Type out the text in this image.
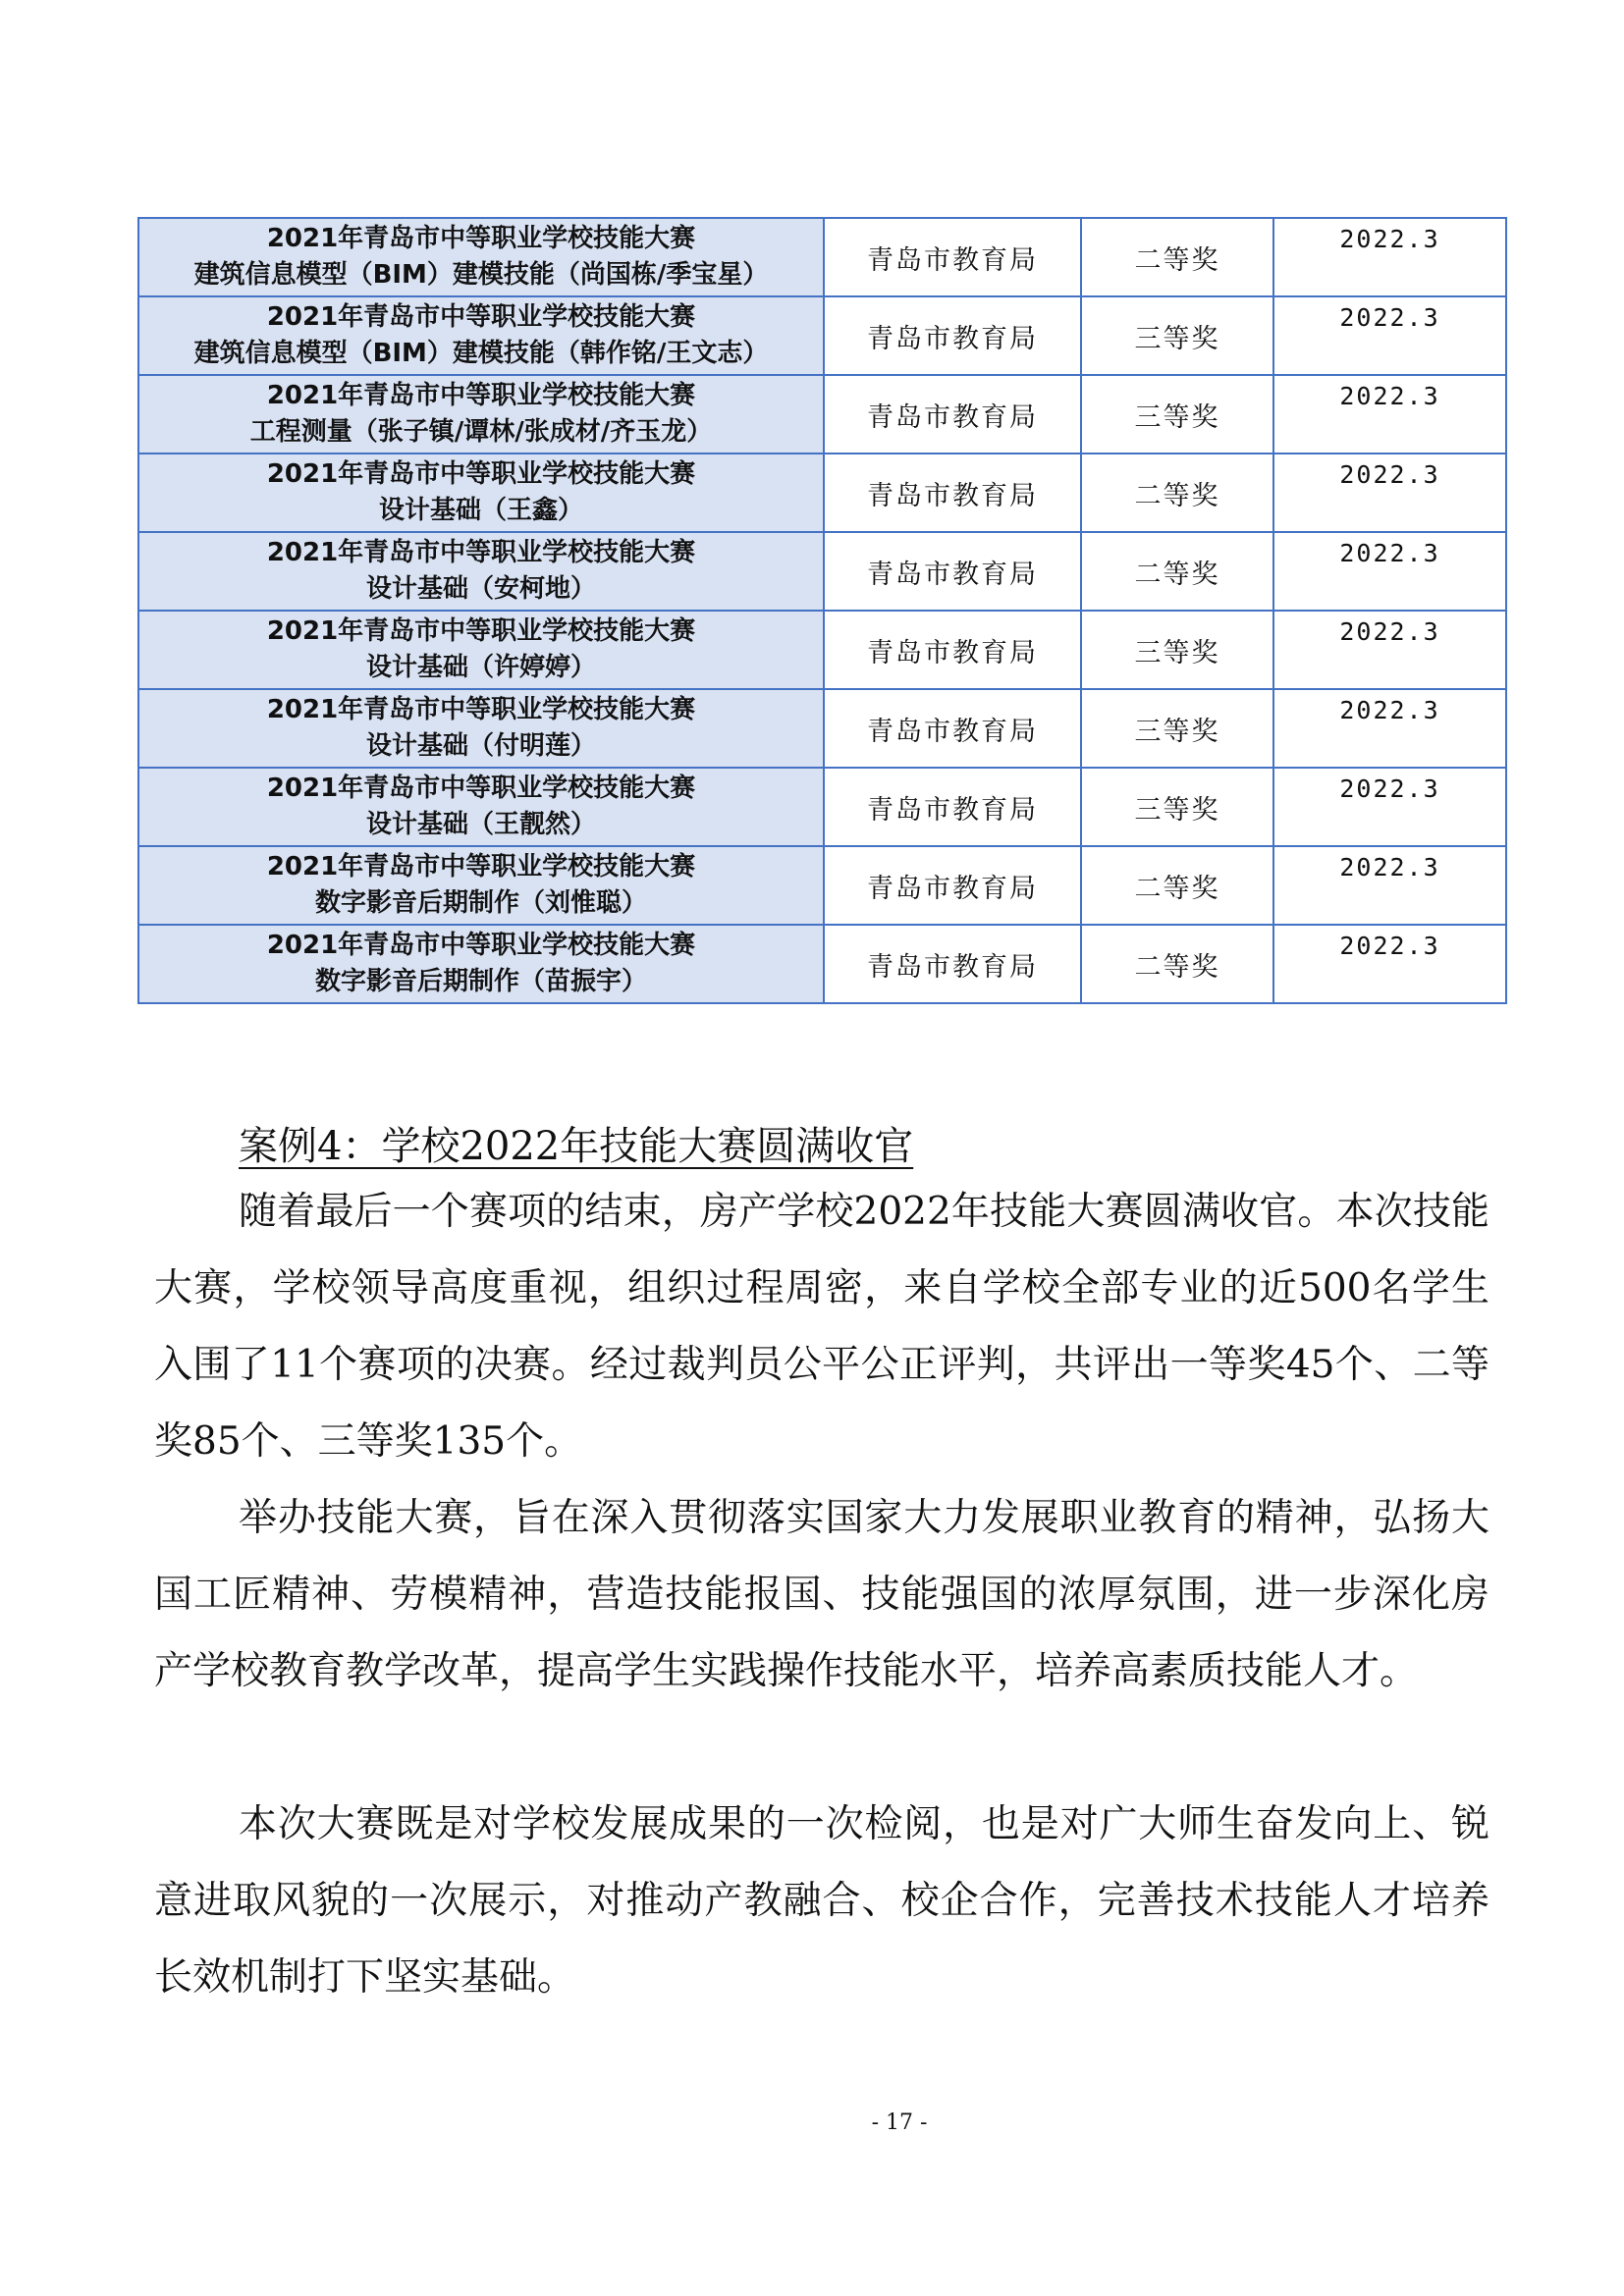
2021年青岛市中等职业学校技能大赛
建筑信息模型（BIM）建模技能（尚国栋/季宝星）	青岛市教育局	二等奖	2022.3

2021年青岛市中等职业学校技能大赛
建筑信息模型（BIM）建模技能（韩作铭/王文志）	青岛市教育局	三等奖	2022.3

2021年青岛市中等职业学校技能大赛
工程测量（张子镇/谭林/张成材/齐玉龙）	青岛市教育局	三等奖	2022.3

2021年青岛市中等职业学校技能大赛
设计基础（王鑫）	青岛市教育局	二等奖	2022.3

2021年青岛市中等职业学校技能大赛
设计基础（安柯地）	青岛市教育局	二等奖	2022.3

2021年青岛市中等职业学校技能大赛
设计基础（许婷婷）	青岛市教育局	三等奖	2022.3

2021年青岛市中等职业学校技能大赛
设计基础（付明莲）	青岛市教育局	三等奖	2022.3

2021年青岛市中等职业学校技能大赛
设计基础（王靓然）	青岛市教育局	三等奖	2022.3

2021年青岛市中等职业学校技能大赛
数字影音后期制作（刘惟聪）	青岛市教育局	二等奖	2022.3

2021年青岛市中等职业学校技能大赛
数字影音后期制作（苗振宇）	青岛市教育局	二等奖	2022.3
案例4：学校2022年技能大赛圆满收官

随着最后一个赛项的结束，房产学校2022年技能大赛圆满收官。本次技能大赛，学校领导高度重视，组织过程周密，来自学校全部专业的近500名学生入围了11个赛项的决赛。经过裁判员公平公正评判，共评出一等奖45个、二等奖85个、三等奖135个。

举办技能大赛，旨在深入贯彻落实国家大力发展职业教育的精神，弘扬大国工匠精神、劳模精神，营造技能报国、技能强国的浓厚氛围，进一步深化房产学校教育教学改革，提高学生实践操作技能水平，培养高素质技能人才。

本次大赛既是对学校发展成果的一次检阅，也是对广大师生奋发向上、锐意进取风貌的一次展示，对推动产教融合、校企合作，完善技术技能人才培养长效机制打下坚实基础。

- 17 -
